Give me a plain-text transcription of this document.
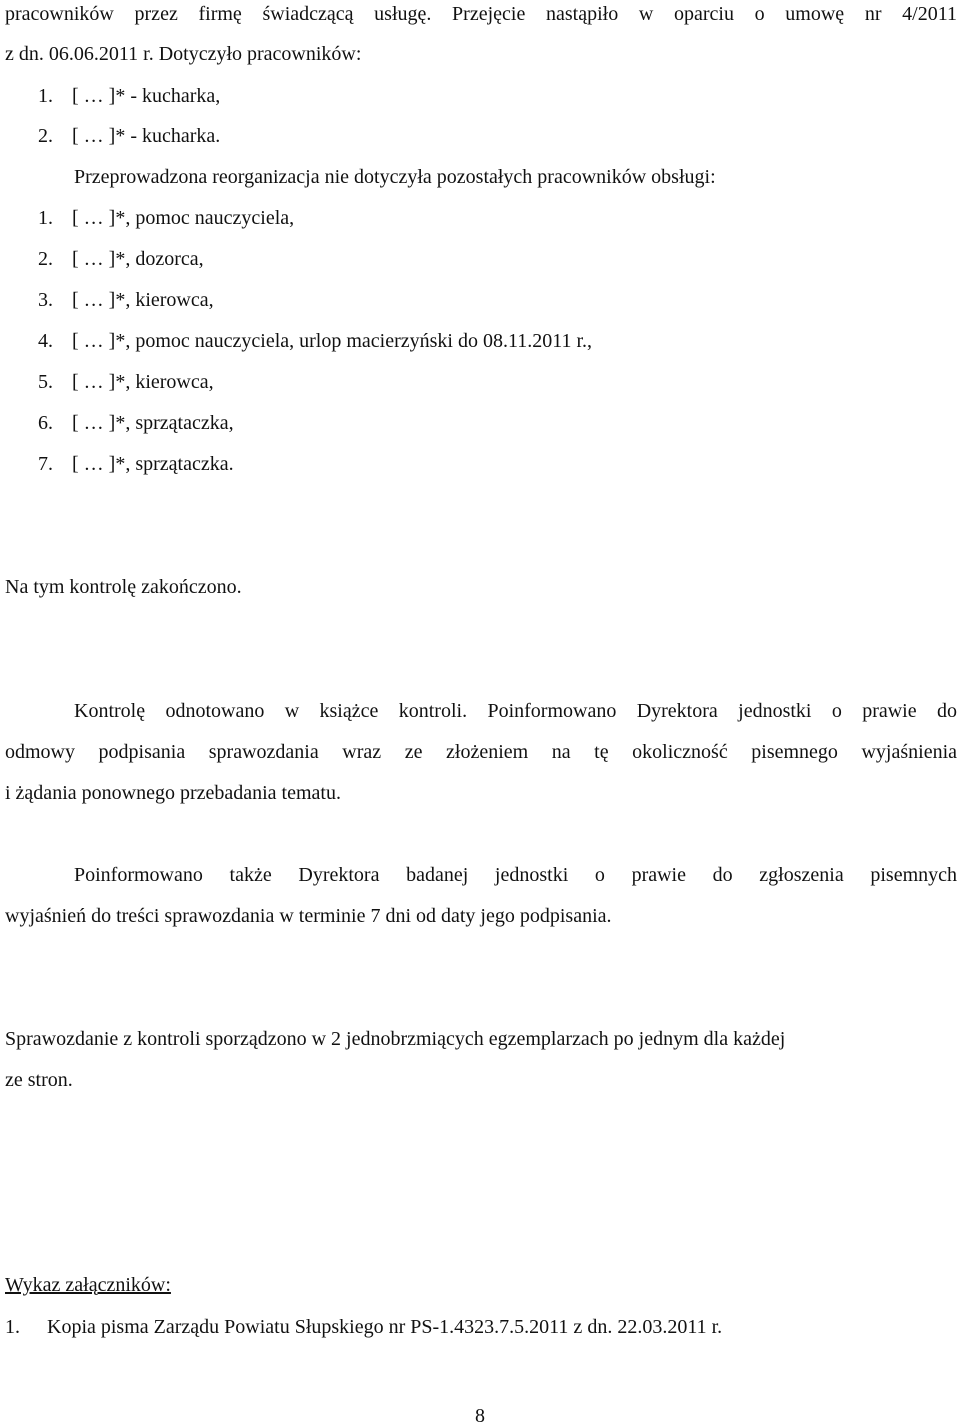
pracowników przez firmę świadczącą usługę. Przejęcie nastąpiło w oparciu o umowę nr 4/2011
z dn. 06.06.2011 r. Dotyczyło pracowników:
1. [ … ]* - kucharka,
2. [ … ]* - kucharka.
Przeprowadzona reorganizacja nie dotyczyła pozostałych pracowników obsługi:
1. [ … ]*, pomoc nauczyciela,
2. [ … ]*, dozorca,
3. [ … ]*, kierowca,
4. [ … ]*, pomoc nauczyciela, urlop macierzyński do 08.11.2011 r.,
5. [ … ]*, kierowca,
6. [ … ]*, sprzątaczka,
7. [ … ]*, sprzątaczka.
Na tym kontrolę zakończono.
Kontrolę odnotowano w książce kontroli. Poinformowano Dyrektora jednostki o prawie do
odmowy podpisania sprawozdania wraz ze złożeniem na tę okoliczność pisemnego wyjaśnienia
i żądania ponownego przebadania tematu.
Poinformowano także Dyrektora badanej jednostki o prawie do zgłoszenia pisemnych
wyjaśnień do treści sprawozdania w terminie 7 dni od daty jego podpisania.
Sprawozdanie z kontroli sporządzono w 2 jednobrzmiących egzemplarzach po jednym dla każdej
ze stron.
Wykaz załączników:
1. Kopia pisma Zarządu Powiatu Słupskiego nr PS-1.4323.7.5.2011 z dn. 22.03.2011 r.
8
